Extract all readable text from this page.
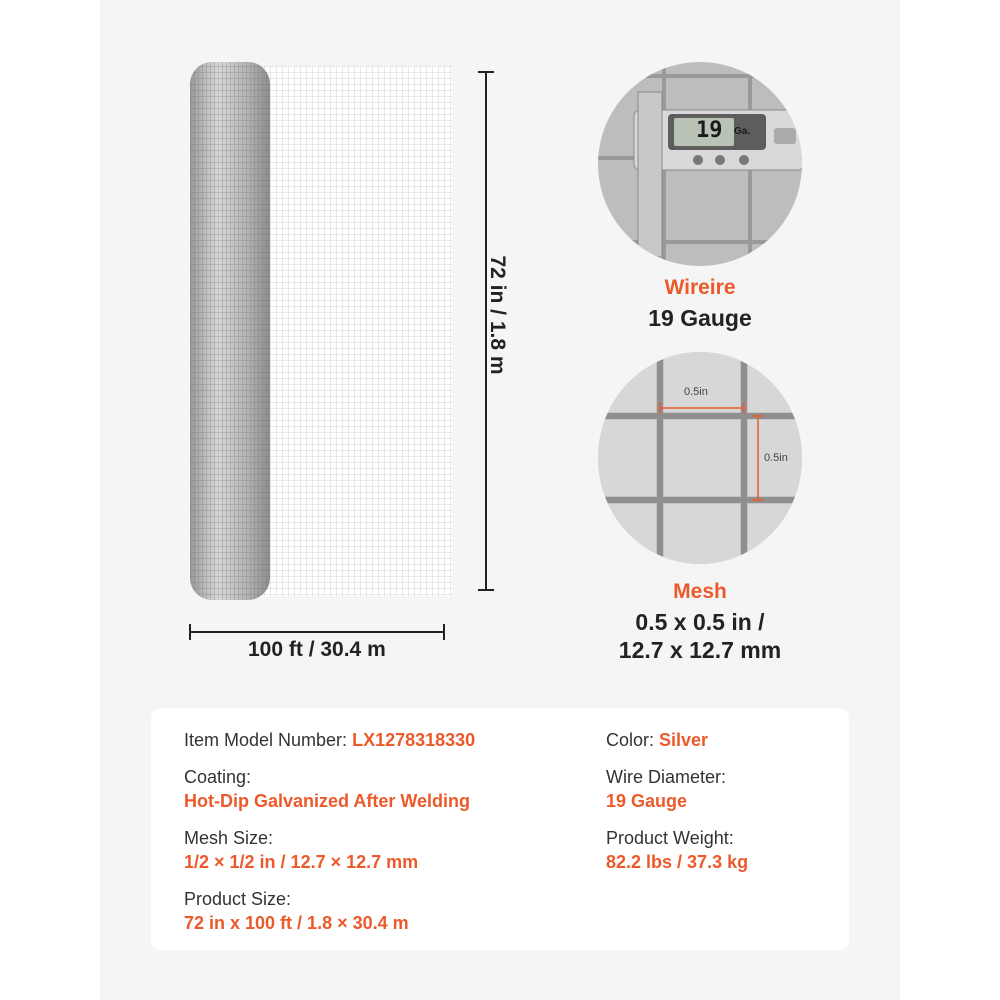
72 in / 1.8 m
100 ft / 30.4 m
19 Ga.
Wireire
19 Gauge
0.5in
0.5in
Mesh
0.5 x 0.5 in /
12.7 x 12.7 mm
Item Model Number: LX1278318330
Coating:
Hot-Dip Galvanized After Welding
Mesh Size:
1/2 × 1/2 in / 12.7 × 12.7 mm
Product Size:
72 in x 100 ft / 1.8 × 30.4 m
Color: Silver
Wire Diameter:
19 Gauge
Product Weight:
82.2 lbs / 37.3 kg
